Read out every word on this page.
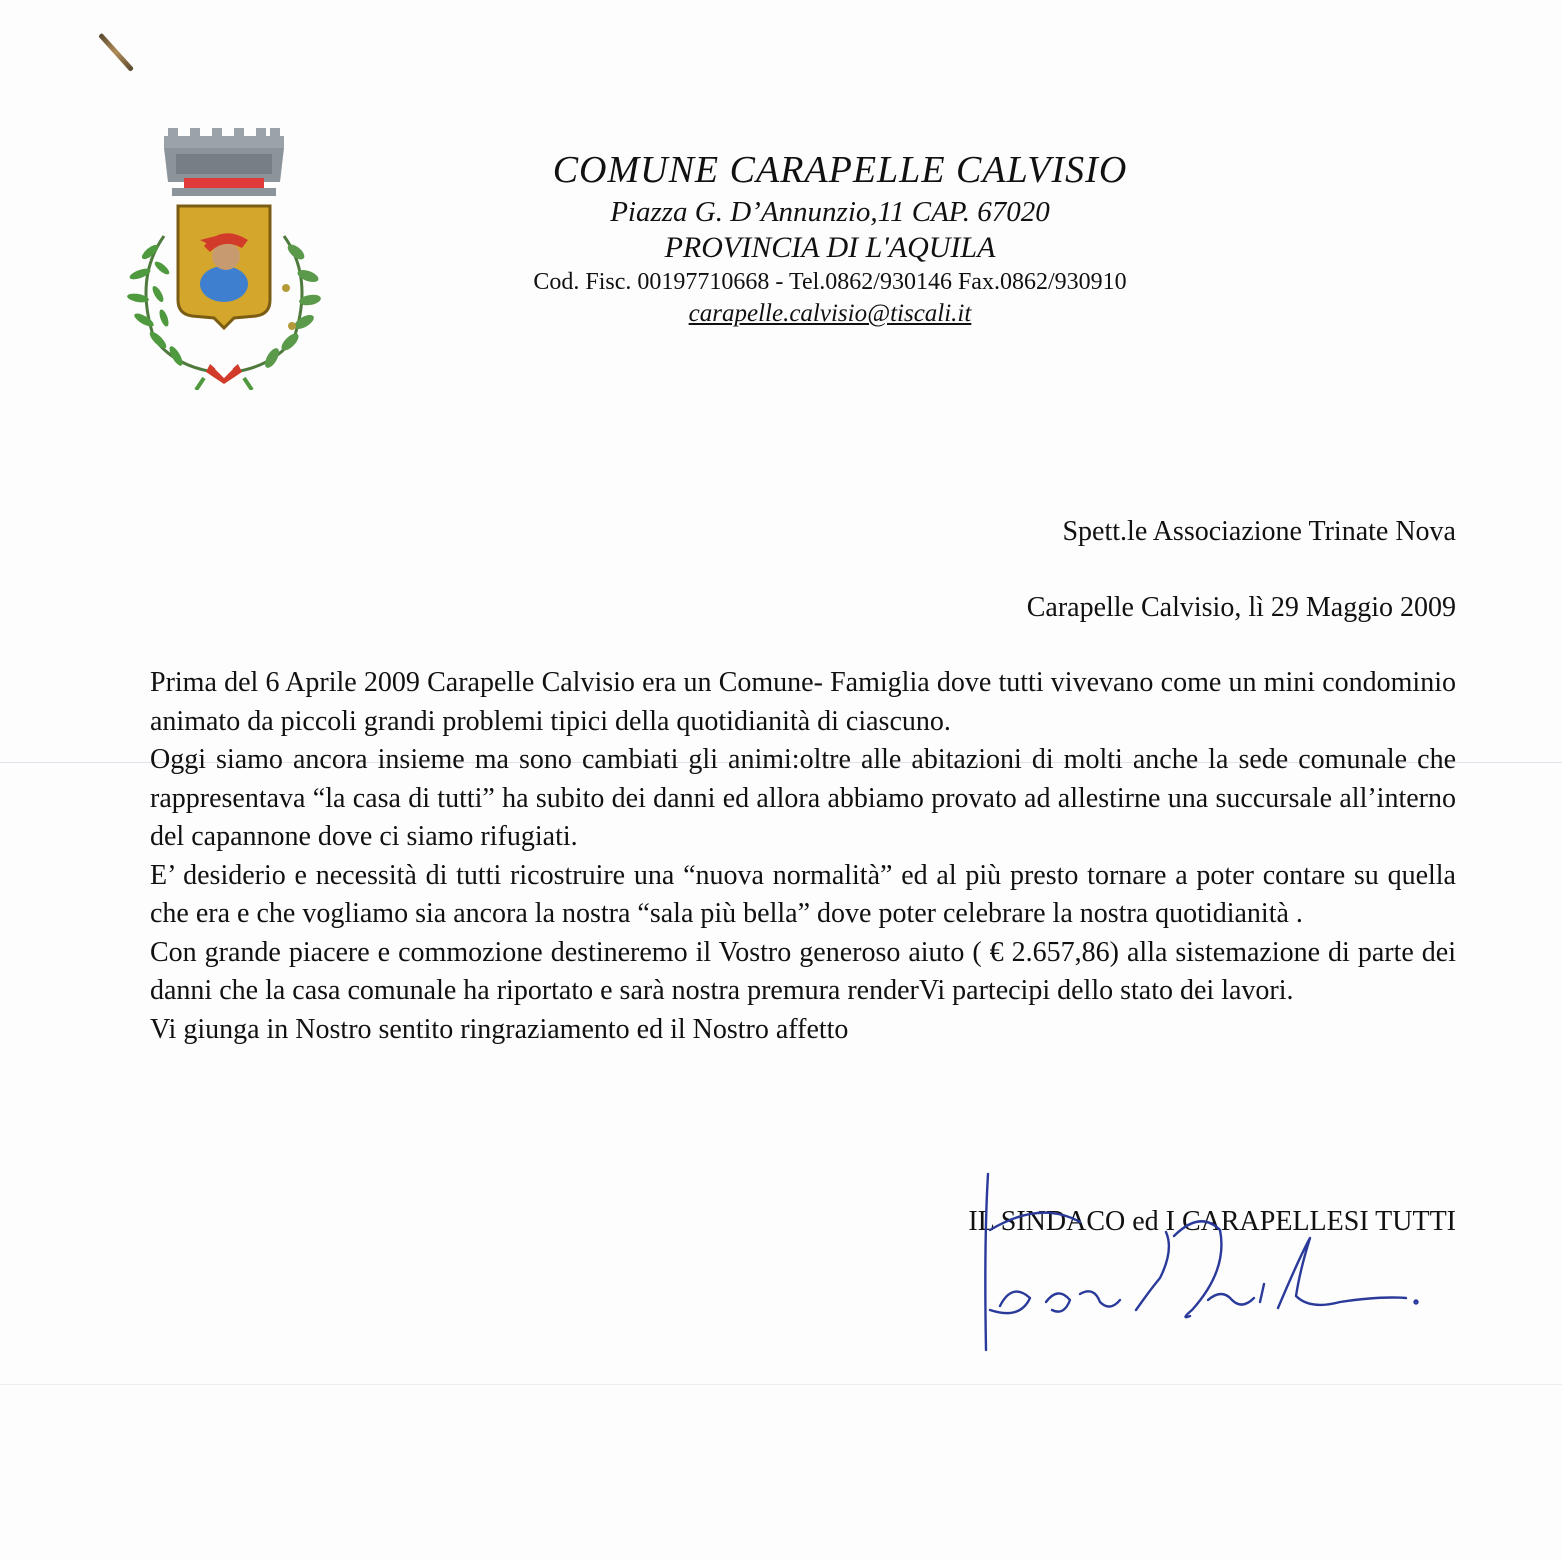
COMUNE CARAPELLE CALVISIO
Piazza G. D’Annunzio,11 CAP. 67020
PROVINCIA DI L'AQUILA
Cod. Fisc. 00197710668 - Tel.0862/930146 Fax.0862/930910
carapelle.calvisio@tiscali.it
Spett.le Associazione Trinate Nova
Carapelle Calvisio, lì 29 Maggio 2009

Prima del 6 Aprile 2009 Carapelle Calvisio era un Comune- Famiglia dove tutti vivevano come un mini condominio animato da piccoli grandi problemi tipici della quotidianità di ciascuno.

Oggi siamo ancora insieme ma sono cambiati gli animi:oltre alle abitazioni di molti anche la sede comunale che rappresentava “la casa di tutti” ha subito dei danni ed allora abbiamo provato ad allestirne una succursale all’interno del capannone dove ci siamo rifugiati.

E’ desiderio e necessità di tutti ricostruire una “nuova normalità” ed al più presto tornare a poter contare su quella che era e che vogliamo sia ancora la nostra “sala più bella” dove poter celebrare la nostra quotidianità .

Con grande piacere e commozione destineremo il Vostro generoso aiuto ( € 2.657,86) alla sistemazione di parte dei danni che la casa comunale ha riportato e sarà nostra premura renderVi partecipi dello stato dei lavori.

Vi giunga in Nostro sentito ringraziamento ed il Nostro affetto

IL SINDACO ed I CARAPELLESI TUTTI
